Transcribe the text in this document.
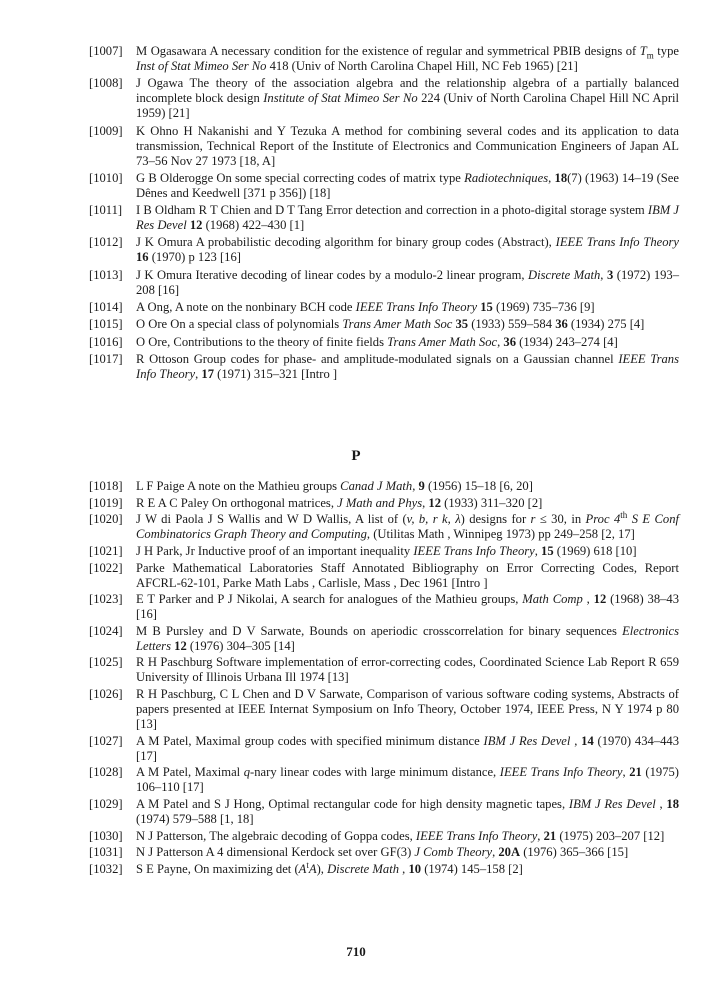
[1007] M Ogasawara A necessary condition for the existence of regular and symmetrical PBIB designs of $T_m$ type Inst of Stat Mimeo Ser No 418 (Univ of North Carolina Chapel Hill, NC Feb 1965) [21]
[1008] J Ogawa The theory of the association algebra and the relationship algebra of a partially balanced incomplete block design Institute of Stat Mimeo Ser No 224 (Univ of North Carolina Chapel Hill NC April 1959) [21]
[1009] K Ohno H Nakanishi and Y Tezuka A method for combining several codes and its application to data transmission, Technical Report of the Institute of Electronics and Communication Engineers of Japan AL 73–56 Nov 27 1973 [18, A]
[1010] G B Olderogge On some special correcting codes of matrix type Radiotechniques, 18(7) (1963) 14–19 (See Dênes and Keedwell [371 p 356]) [18]
[1011] I B Oldham R T Chien and D T Tang Error detection and correction in a photo-digital storage system IBM J Res Devel 12 (1968) 422–430 [1]
[1012] J K Omura A probabilistic decoding algorithm for binary group codes (Abstract), IEEE Trans Info Theory 16 (1970) p 123 [16]
[1013] J K Omura Iterative decoding of linear codes by a modulo-2 linear program, Discrete Math, 3 (1972) 193–208 [16]
[1014] A Ong, A note on the nonbinary BCH code IEEE Trans Info Theory 15 (1969) 735–736 [9]
[1015] O Ore On a special class of polynomials Trans Amer Math Soc 35 (1933) 559–584 36 (1934) 275 [4]
[1016] O Ore, Contributions to the theory of finite fields Trans Amer Math Soc, 36 (1934) 243–274 [4]
[1017] R Ottoson Group codes for phase- and amplitude-modulated signals on a Gaussian channel IEEE Trans Info Theory, 17 (1971) 315–321 [Intro ]
P
[1018] L F Paige A note on the Mathieu groups Canad J Math, 9 (1956) 15–18 [6, 20]
[1019] R E A C Paley On orthogonal matrices, J Math and Phys, 12 (1933) 311–320 [2]
[1020] J W di Paola J S Wallis and W D Wallis, A list of (v, b, r k, λ) designs for r ≤ 30, in Proc 4th S E Conf Combinatorics Graph Theory and Computing, (Utilitas Math , Winnipeg 1973) pp 249–258 [2, 17]
[1021] J H Park, Jr Inductive proof of an important inequality IEEE Trans Info Theory, 15 (1969) 618 [10]
[1022] Parke Mathematical Laboratories Staff Annotated Bibliography on Error Correcting Codes, Report AFCRL-62-101, Parke Math Labs , Carlisle, Mass , Dec 1961 [Intro ]
[1023] E T Parker and P J Nikolai, A search for analogues of the Mathieu groups, Math Comp , 12 (1968) 38–43 [16]
[1024] M B Pursley and D V Sarwate, Bounds on aperiodic crosscorrelation for binary sequences Electronics Letters 12 (1976) 304–305 [14]
[1025] R H Paschburg Software implementation of error-correcting codes, Coordinated Science Lab Report R 659 University of Illinois Urbana Ill 1974 [13]
[1026] R H Paschburg, C L Chen and D V Sarwate, Comparison of various software coding systems, Abstracts of papers presented at IEEE Internat Symposium on Info Theory, October 1974, IEEE Press, N Y 1974 p 80 [13]
[1027] A M Patel, Maximal group codes with specified minimum distance IBM J Res Devel , 14 (1970) 434–443 [17]
[1028] A M Patel, Maximal q-nary linear codes with large minimum distance, IEEE Trans Info Theory, 21 (1975) 106–110 [17]
[1029] A M Patel and S J Hong, Optimal rectangular code for high density magnetic tapes, IBM J Res Devel , 18 (1974) 579–588 [1, 18]
[1030] N J Patterson, The algebraic decoding of Goppa codes, IEEE Trans Info Theory, 21 (1975) 203–207 [12]
[1031] N J Patterson A 4 dimensional Kerdock set over GF(3) J Comb Theory, 20A (1976) 365–366 [15]
[1032] S E Payne, On maximizing $\det (A^tA)$, Discrete Math , 10 (1974) 145–158 [2]
710
